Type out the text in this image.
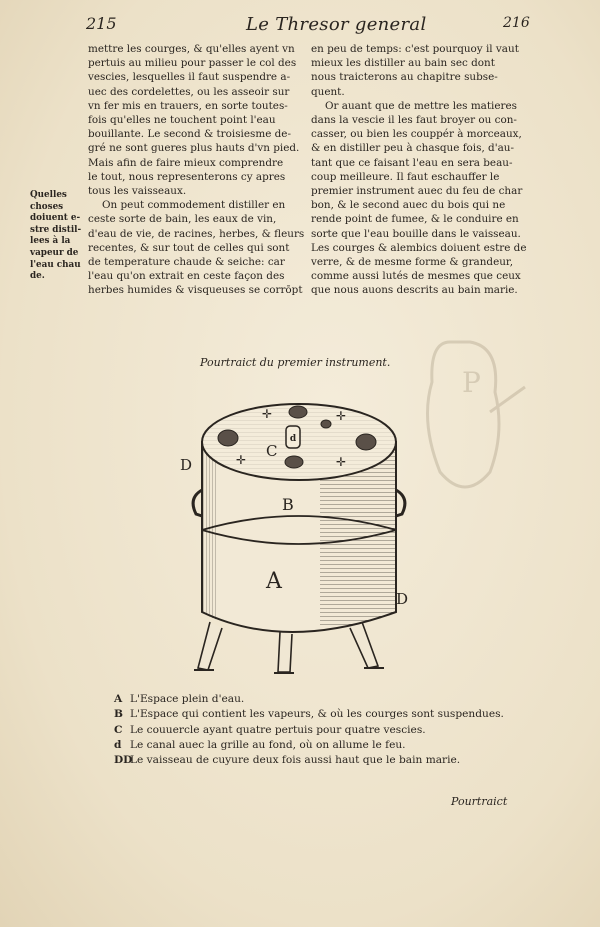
215	Le Thresor general	216

mettre les courges, & qu'elles ayent vn
pertuis au milieu pour passer le col des
vescies, lesquelles il faut suspendre a-
uec des cordelettes, ou les asseoir sur
vn fer mis en trauers, en sorte toutes-
fois qu'elles ne touchent point l'eau
bouillante. Le second & troisiesme de-
gré ne sont gueres plus hauts d'vn pied.
Mais afin de faire mieux comprendre
le tout, nous representerons cy apres
tous les vaisseaux.

On peut commodement distiller en
ceste sorte de bain, les eaux de vin,
d'eau de vie, de racines, herbes, & fleurs
recentes, & sur tout de celles qui sont
de temperature chaude & seiche: car
l'eau qu'on extrait en ceste façon des
herbes humides & visqueuses se corrōpt

Quelles
choses
doiuent e-
stre distil-
lees à la
vapeur de
l'eau chau
de.

en peu de temps: c'est pourquoy il vaut
mieux les distiller au bain sec dont
nous traicterons au chapitre subse-
quent.

Or auant que de mettre les matieres
dans la vescie il les faut broyer ou con-
casser, ou bien les couppér à morceaux,
& en distiller peu à chasque fois, d'au-
tant que ce faisant l'eau en sera beau-
coup meilleure. Il faut eschauffer le
premier instrument auec du feu de char
bon, & le second auec du bois qui ne
rende point de fumee, & le conduire en
sorte que l'eau bouille dans le vaisseau.
Les courges & alembics doiuent estre de
verre, & de mesme forme & grandeur,
comme aussi lutés de mesmes que ceux
que nous auons descrits au bain marie.

P
Pourtraict du premier instrument.
d
✛	✛
✛	✛
C
B
A
D
D
A L'Espace plein d'eau.
B L'Espace qui contient les vapeurs, & où les courges sont suspendues.
C Le couuercle ayant quatre pertuis pour quatre vescies.
d Le canal auec la grille au fond, où on allume le feu.
DDLe vaisseau de cuyure deux fois aussi haut que le bain marie.
Pourtraict
